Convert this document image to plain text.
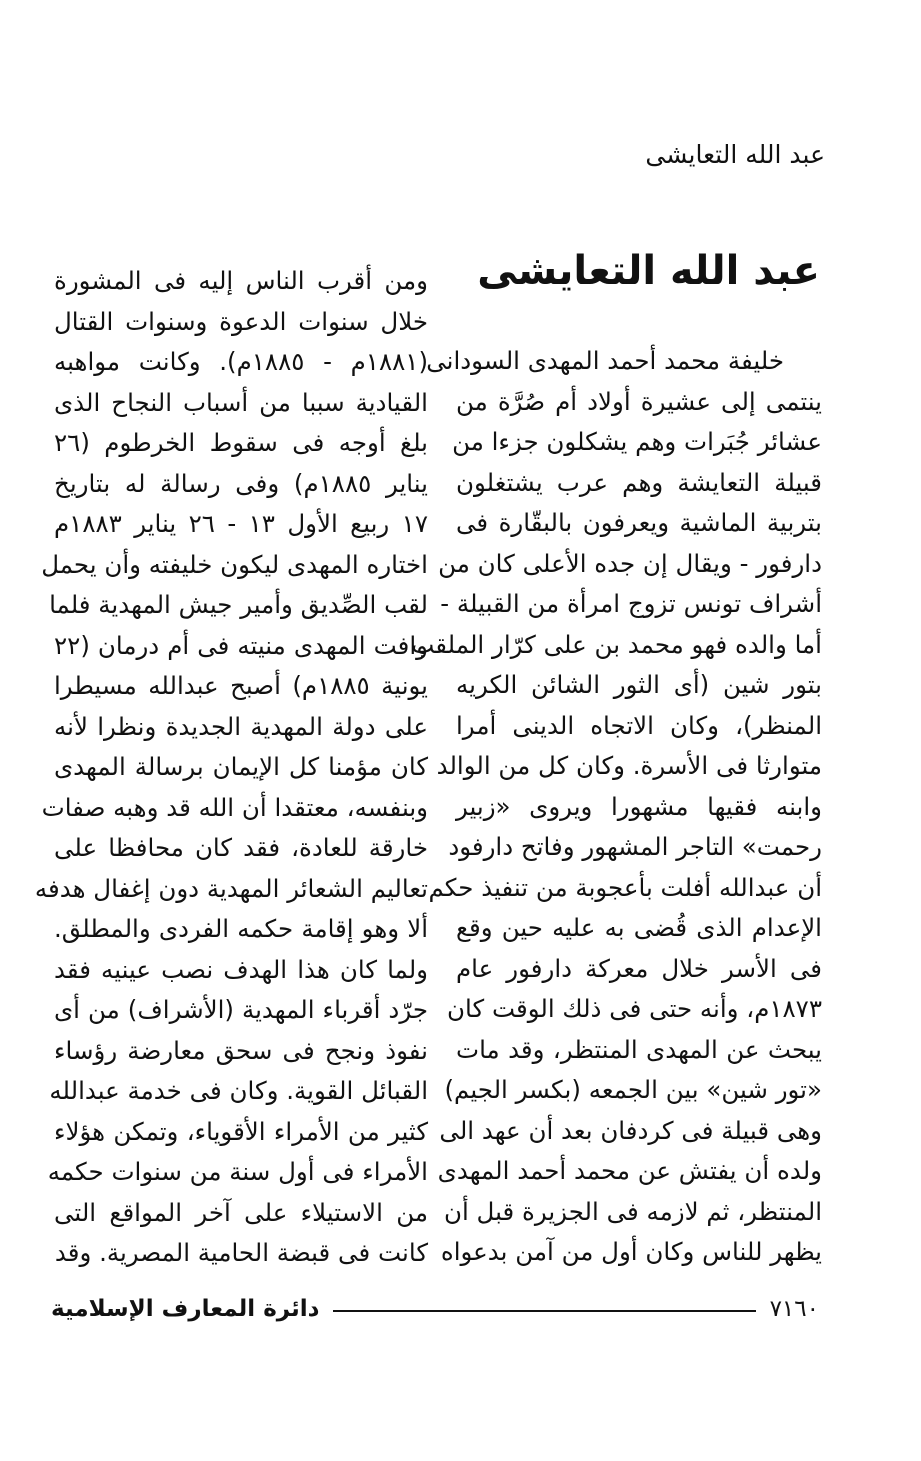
عبد الله التعايشى
عبد الله التعايشى
خليفة محمد أحمد المهدى السودانى
ينتمى إلى عشيرة أولاد أم صُرَّة من
عشائر جُبَرات وهم يشكلون جزءا من
قبيلة التعايشة وهم عرب يشتغلون
بتربية الماشية ويعرفون بالبقّارة فى
دارفور - ويقال إن جده الأعلى كان من
أشراف تونس تزوج امرأة من القبيلة -
أما والده فهو محمد بن على كرّار الملقب
بتور شين (أى الثور الشائن الكريه
المنظر)، وكان الاتجاه الدينى أمرا
متوارثا فى الأسرة. وكان كل من الوالد
وابنه فقيها مشهورا ويروى «زبير
رحمت» التاجر المشهور وفاتح دارفود
أن عبدالله أفلت بأعجوبة من تنفيذ حكم
الإعدام الذى قُضى به عليه حين وقع
فى الأسر خلال معركة دارفور عام
١٨٧٣م، وأنه حتى فى ذلك الوقت كان
يبحث عن المهدى المنتظر، وقد مات
«تور شين» بين الجمعه (بكسر الجيم)
وهى قبيلة فى كردفان بعد أن عهد الى
ولده أن يفتش عن محمد أحمد المهدى
المنتظر، ثم لازمه فى الجزيرة قبل أن
يظهر للناس وكان أول من آمن بدعواه
ومن أقرب الناس إليه فى المشورة
خلال سنوات الدعوة وسنوات القتال
(١٨٨١م - ١٨٨٥م). وكانت مواهبه
القيادية سببا من أسباب النجاح الذى
بلغ أوجه فى سقوط الخرطوم (٢٦
يناير ١٨٨٥م) وفى رسالة له بتاريخ
١٧ ربيع الأول ١٣ - ٢٦ يناير ١٨٨٣م
اختاره المهدى ليكون خليفته وأن يحمل
لقب الصِّديق وأمير جيش المهدية فلما
وافت المهدى منيته فى أم درمان (٢٢
يونية ١٨٨٥م) أصبح عبدالله مسيطرا
على دولة المهدية الجديدة ونظرا لأنه
كان مؤمنا كل الإيمان برسالة المهدى
وبنفسه، معتقدا أن الله قد وهبه صفات
خارقة للعادة، فقد كان محافظا على
تعاليم الشعائر المهدية دون إغفال هدفه
ألا وهو إقامة حكمه الفردى والمطلق.
ولما كان هذا الهدف نصب عينيه فقد
جرّد أقرباء المهدية (الأشراف) من أى
نفوذ ونجح فى سحق معارضة رؤساء
القبائل القوية. وكان فى خدمة عبدالله
كثير من الأمراء الأقوياء، وتمكن هؤلاء
الأمراء فى أول سنة من سنوات حكمه
من الاستيلاء على آخر المواقع التى
كانت فى قبضة الحامية المصرية. وقد
دائرة المعارف الإسلامية	٧١٦٠
